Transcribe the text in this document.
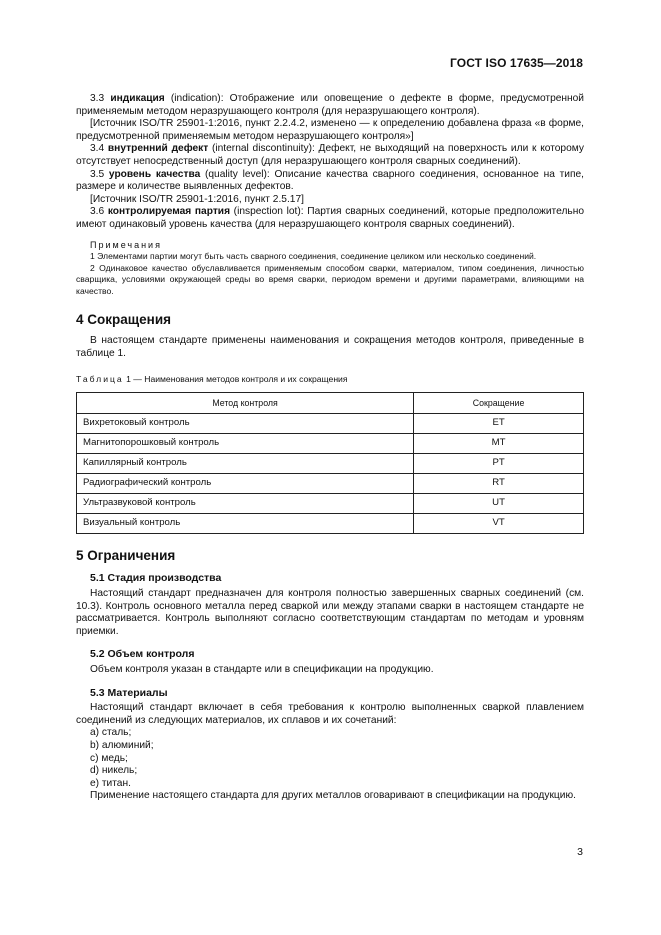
ГОСТ ISO 17635—2018

3.3 индикация (indication): Отображение или оповещение о дефекте в форме, предусмотренной применяемым методом неразрушающего контроля (для неразрушающего контроля).

[Источник ISO/TR 25901-1:2016, пункт 2.2.4.2, изменено — к определению добавлена фраза «в форме, предусмотренной применяемым методом неразрушающего контроля»]

3.4 внутренний дефект (internal discontinuity): Дефект, не выходящий на поверхность или к которому отсутствует непосредственный доступ (для неразрушающего контроля сварных соединений).

3.5 уровень качества (quality level): Описание качества сварного соединения, основанное на типе, размере и количестве выявленных дефектов.

[Источник ISO/TR 25901-1:2016, пункт 2.5.17]

3.6 контролируемая партия (inspection lot): Партия сварных соединений, которые предположительно имеют одинаковый уровень качества (для неразрушающего контроля сварных соединений).

Примечания

1 Элементами партии могут быть часть сварного соединения, соединение целиком или несколько соединений.

2 Одинаковое качество обуславливается применяемым способом сварки, материалом, типом соединения, личностью сварщика, условиями окружающей среды во время сварки, периодом времени и другими параметрами, влияющими на качество.

4 Сокращения

В настоящем стандарте применены наименования и сокращения методов контроля, приведенные в таблице 1.

Таблица 1 — Наименования методов контроля и их сокращения
Метод контроля	Сокращение
Вихретоковый контроль	ET
Магнитопорошковый контроль	MT
Капиллярный контроль	PT
Радиографический контроль	RT
Ультразвуковой контроль	UT
Визуальный контроль	VT
5 Ограничения
5.1 Стадия производства

Настоящий стандарт предназначен для контроля полностью завершенных сварных соединений (см. 10.3). Контроль основного металла перед сваркой или между этапами сварки в настоящем стандарте не рассматривается. Контроль выполняют согласно соответствующим стандартам по методам и уровням приемки.

5.2 Объем контроля

Объем контроля указан в стандарте или в спецификации на продукцию.

5.3 Материалы

Настоящий стандарт включает в себя требования к контролю выполненных сваркой плавлением соединений из следующих материалов, их сплавов и их сочетаний:

a) сталь;

b) алюминий;

c) медь;

d) никель;

e) титан.

Применение настоящего стандарта для других металлов оговаривают в спецификации на продукцию.

3
